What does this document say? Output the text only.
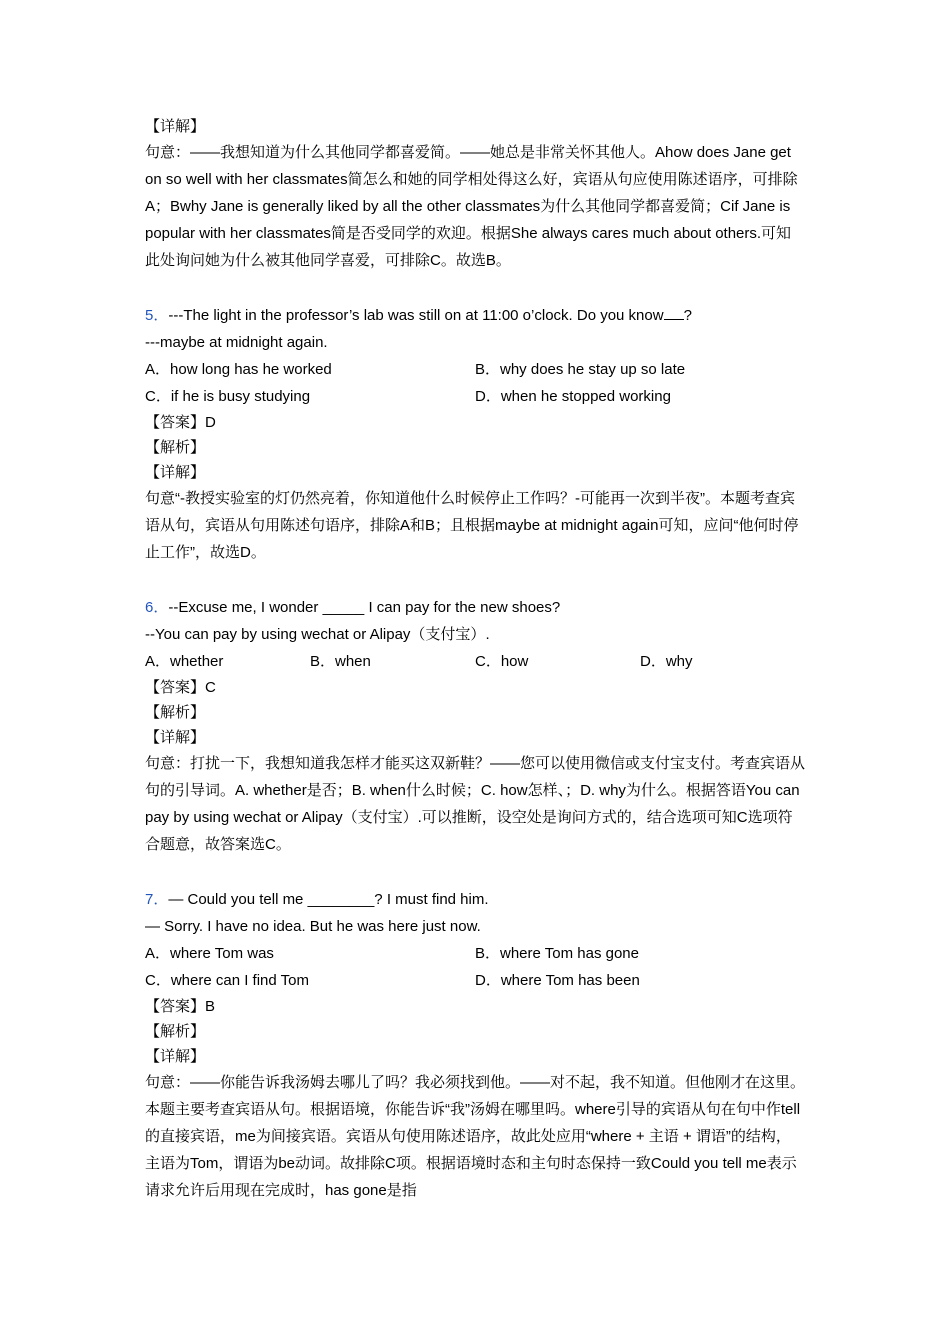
【详解】
句意：——我想知道为什么其他同学都喜爱简。——她总是非常关怀其他人。Ahow does Jane get on so well with her classmates简怎么和她的同学相处得这么好，宾语从句应使用陈述语序，可排除A；Bwhy Jane is generally liked by all the other classmates为什么其他同学都喜爱简；Cif Jane is popular with her classmates简是否受同学的欢迎。根据She always cares much about others.可知此处询问她为什么被其他同学喜爱，可排除C。故选B。
5．---The light in the professor’s lab was still on at 11:00 o’clock. Do you know ?
---maybe at midnight again.
A．how long has he worked	B．why does he stay up so late
C．if he is busy studying	D．when he stopped working
【答案】D
【解析】
【详解】
句意“-教授实验室的灯仍然亮着，你知道他什么时候停止工作吗？-可能再一次到半夜”。本题考查宾语从句，宾语从句用陈述句语序，排除A和B；且根据maybe at midnight again可知，应问“他何时停止工作”，故选D。
6．--Excuse me, I wonder _____ I can pay for the new shoes?
--You can pay by using wechat or Alipay（支付宝）.
A．whether	B．when	C．how	D．why
【答案】C
【解析】
【详解】
句意：打扰一下，我想知道我怎样才能买这双新鞋？——您可以使用微信或支付宝支付。考查宾语从句的引导词。A. whether是否；B. when什么时候；C. how怎样、；D. why为什么。根据答语You can pay by using wechat or Alipay（支付宝）.可以推断，设空处是询问方式的，结合选项可知C选项符合题意，故答案选C。
7．— Could you tell me ________? I must find him.
— Sorry. I have no idea. But he was here just now.
A．where Tom was	B．where Tom has gone
C．where can I find Tom	D．where Tom has been
【答案】B
【解析】
【详解】
句意：——你能告诉我汤姆去哪儿了吗？我必须找到他。——对不起，我不知道。但他刚才在这里。本题主要考查宾语从句。根据语境，你能告诉“我”汤姆在哪里吗。where引导的宾语从句在句中作tell的直接宾语，me为间接宾语。宾语从句使用陈述语序，故此处应用“where + 主语 + 谓语”的结构，主语为Tom，谓语为be动词。故排除C项。根据语境时态和主句时态保持一致Could you tell me表示请求允许后用现在完成时，has gone是指
